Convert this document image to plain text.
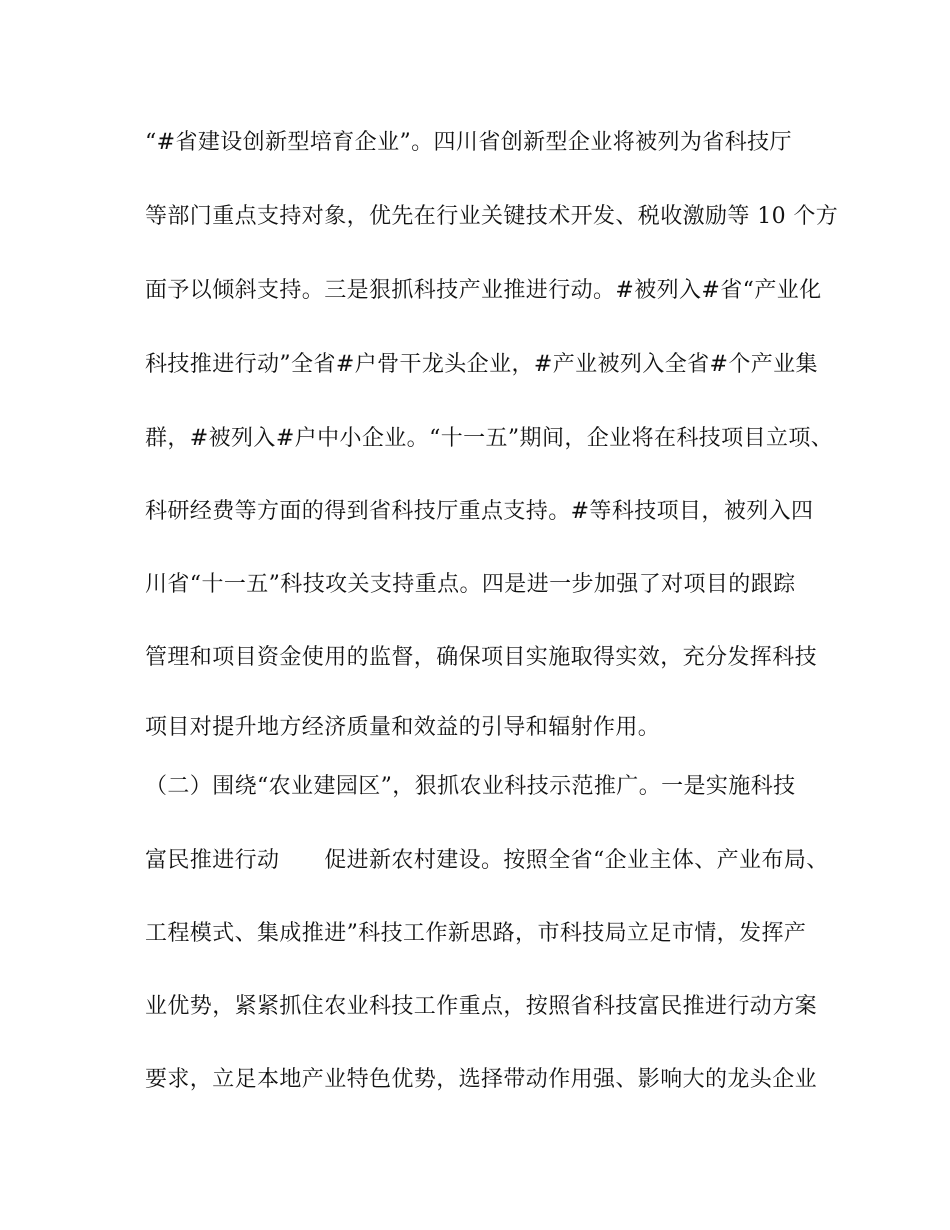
“#省建设创新型培育企业”。四川省创新型企业将被列为省科技厅

等部门重点支持对象，优先在行业关键技术开发、税收激励等 10 个方

面予以倾斜支持。三是狠抓科技产业推进行动。#被列入#省“产业化

科技推进行动”全省#户骨干龙头企业，#产业被列入全省#个产业集

群，#被列入#户中小企业。“十一五”期间，企业将在科技项目立项、

科研经费等方面的得到省科技厅重点支持。#等科技项目，被列入四

川省“十一五”科技攻关支持重点。四是进一步加强了对项目的跟踪

管理和项目资金使用的监督，确保项目实施取得实效，充分发挥科技

项目对提升地方经济质量和效益的引导和辐射作用。

（二）围绕“农业建园区”，狠抓农业科技示范推广。一是实施科技

富民推进行动　　促进新农村建设。按照全省“企业主体、产业布局、

工程模式、集成推进”科技工作新思路，市科技局立足市情，发挥产

业优势，紧紧抓住农业科技工作重点，按照省科技富民推进行动方案

要求，立足本地产业特色优势，选择带动作用强、影响大的龙头企业
